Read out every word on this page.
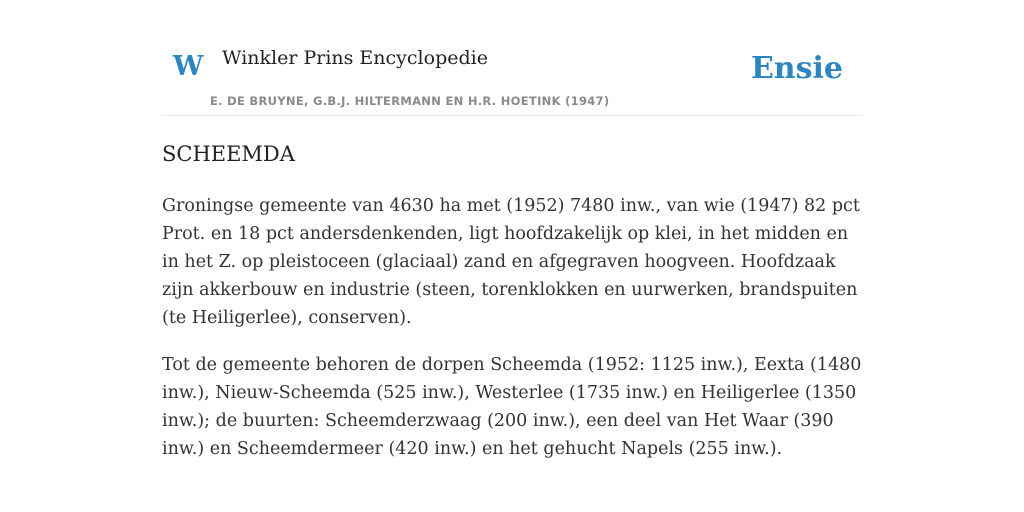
W Winkler Prins Encyclopedie
E. DE BRUYNE, G.B.J. HILTERMANN EN H.R. HOETINK (1947)
Ensie
SCHEEMDA

Groningse gemeente van 4630 ha met (1952) 7480 inw., van wie (1947) 82 pct Prot. en 18 pct andersdenkenden, ligt hoofdzakelijk op klei, in het midden en in het Z. op pleistoceen (glaciaal) zand en afgegraven hoogveen. Hoofdzaak zijn akkerbouw en industrie (steen, torenklokken en uurwerken, brandspuiten (te Heiligerlee), conserven).

Tot de gemeente behoren de dorpen Scheemda (1952: 1125 inw.), Eexta (1480 inw.), Nieuw-Scheemda (525 inw.), Westerlee (1735 inw.) en Heiligerlee (1350 inw.); de buurten: Scheemderzwaag (200 inw.), een deel van Het Waar (390 inw.) en Scheemdermeer (420 inw.) en het gehucht Napels (255 inw.).
